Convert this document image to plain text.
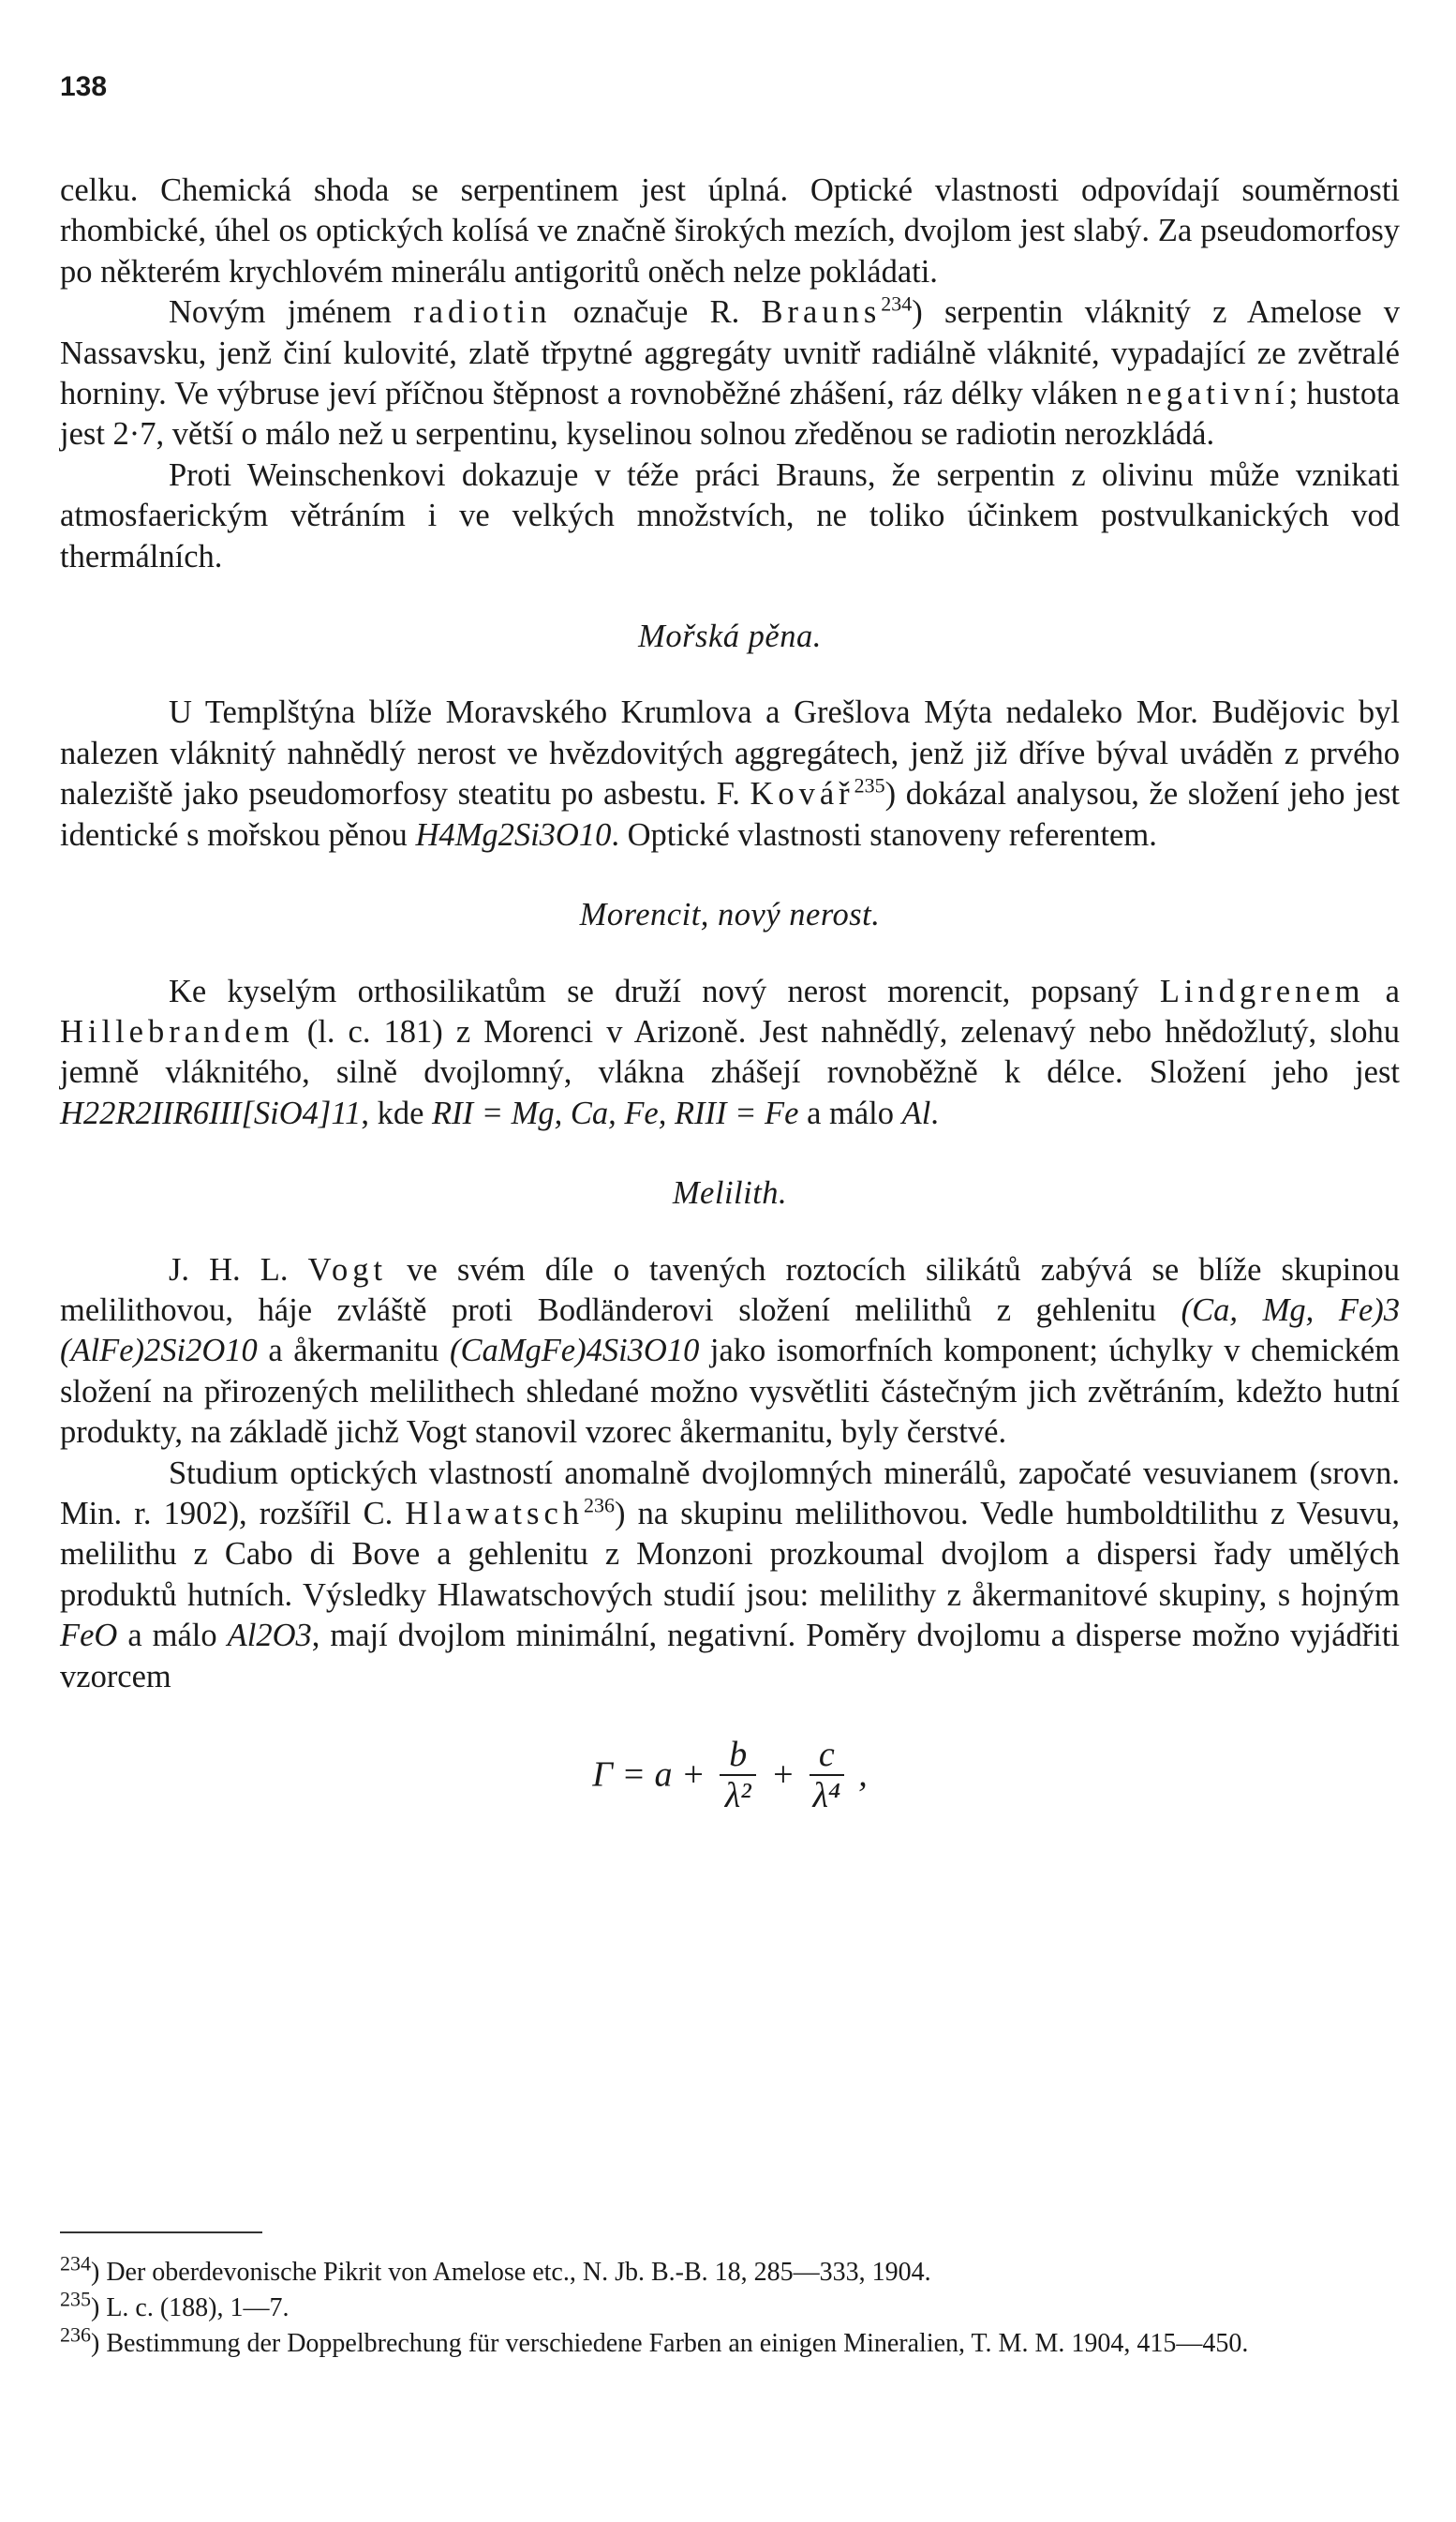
138

celku. Chemická shoda se serpentinem jest úplná. Optické vlastnosti odpovídají souměrnosti rhombické, úhel os optických kolísá ve značně širokých mezích, dvojlom jest slabý. Za pseudomorfosy po některém krychlovém minerálu antigoritů oněch nelze pokládati.

Novým jménem radiotin označuje R. Brauns$^{234}$) serpentin vláknitý z Amelose v Nassavsku, jenž činí kulovité, zlatě třpytné aggregáty uvnitř radiálně vláknité, vypadající ze zvětralé horniny. Ve výbruse jeví příčnou štěpnost a rovnoběžné zhášení, ráz délky vláken negativní; hustota jest 2·7, větší o málo než u serpentinu, kyselinou solnou zředěnou se radiotin nerozkládá.

Proti Weinschenkovi dokazuje v téže práci Brauns, že serpentin z olivinu může vznikati atmosfaerickým větráním i ve velkých množstvích, ne toliko účinkem postvulkanických vod thermálních.

Mořská pěna.

U Templštýna blíže Moravského Krumlova a Grešlova Mýta nedaleko Mor. Budějovic byl nalezen vláknitý nahnědlý nerost ve hvězdovitých aggregátech, jenž již dříve býval uváděn z prvého naleziště jako pseudomorfosy steatitu po asbestu. F. Kovář$^{235}$) dokázal analysou, že složení jeho jest identické s mořskou pěnou H4Mg2Si3O10. Optické vlastnosti stanoveny referentem.

Morencit, nový nerost.

Ke kyselým orthosilikatům se druží nový nerost morencit, popsaný Lindgrenem a Hillebrandem (l. c. 181) z Morenci v Arizoně. Jest nahnědlý, zelenavý nebo hnědožlutý, slohu jemně vláknitého, silně dvojlomný, vlákna zhášejí rovnoběžně k délce. Složení jeho jest H22R2IIR6III[SiO4]11, kde RII = Mg, Ca, Fe, RIII = Fe a málo Al.

Melilith.

J. H. L. Vogt ve svém díle o tavených roztocích silikátů zabývá se blíže skupinou melilithovou, háje zvláště proti Bodländerovi složení melilithů z gehlenitu (Ca, Mg, Fe)3 (AlFe)2Si2O10 a åkermanitu (CaMgFe)4Si3O10 jako isomorfních komponent; úchylky v chemickém složení na přirozených melilithech shledané možno vysvětliti částečným jich zvětráním, kdežto hutní produkty, na základě jichž Vogt stanovil vzorec åkermanitu, byly čerstvé.

Studium optických vlastností anomalně dvojlomných minerálů, započaté vesuvianem (srovn. Min. r. 1902), rozšířil C. Hlawatsch$^{236}$) na skupinu melilithovou. Vedle humboldtilithu z Vesuvu, melilithu z Cabo di Bove a gehlenitu z Monzoni prozkoumal dvojlom a dispersi řady umělých produktů hutních. Výsledky Hlawatschových studií jsou: melilithy z åkermanitové skupiny, s hojným FeO a málo Al2O3, mají dvojlom minimální, negativní. Poměry dvojlomu a disperse možno vyjádřiti vzorcem

$\Gamma = a + \frac{b}{\text{λ²}} + \frac{c}{\text{λ⁴}}$ ,

$^{234}$) Der oberdevonische Pikrit von Amelose etc., N. Jb. B.-B. 18, 285—333, 1904.

$^{235}$) L. c. (188), 1—7.

$^{236}$) Bestimmung der Doppelbrechung für verschiedene Farben an einigen Mineralien, T. M. M. 1904, 415—450.
